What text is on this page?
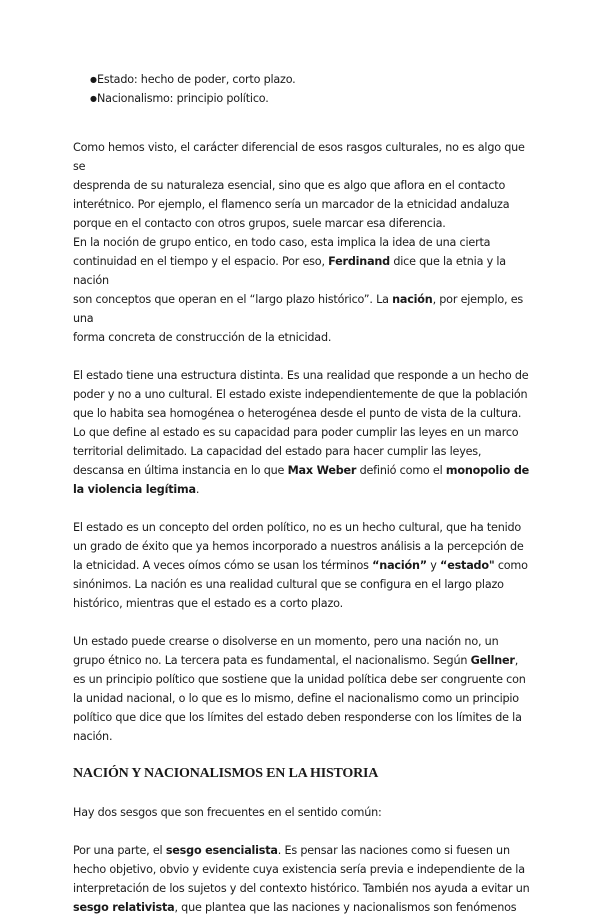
● Estado: hecho de poder, corto plazo.
● Nacionalismo: principio político.

Como hemos visto, el carácter diferencial de esos rasgos culturales, no es algo que se
desprenda de su naturaleza esencial, sino que es algo que aflora en el contacto
interétnico. Por ejemplo, el flamenco sería un marcador de la etnicidad andaluza
porque en el contacto con otros grupos, suele marcar esa diferencia.
En la noción de grupo entico, en todo caso, esta implica la idea de una cierta
continuidad en el tiempo y el espacio. Por eso, Ferdinand dice que la etnia y la nación
son conceptos que operan en el “largo plazo histórico”. La nación, por ejemplo, es una
forma concreta de construcción de la etnicidad.

El estado tiene una estructura distinta. Es una realidad que responde a un hecho de poder y no a uno cultural. El estado existe independientemente de que la población que lo habita sea homogénea o heterogénea desde el punto de vista de la cultura. Lo que define al estado es su capacidad para poder cumplir las leyes en un marco territorial delimitado. La capacidad del estado para hacer cumplir las leyes, descansa en última instancia en lo que Max Weber definió como el monopolio de la violencia legítima.

El estado es un concepto del orden político, no es un hecho cultural, que ha tenido un grado de éxito que ya hemos incorporado a nuestros análisis a la percepción de la etnicidad. A veces oímos cómo se usan los términos “nación” y “estado" como sinónimos. La nación es una realidad cultural que se configura en el largo plazo histórico, mientras que el estado es a corto plazo.

Un estado puede crearse o disolverse en un momento, pero una nación no, un grupo étnico no. La tercera pata es fundamental, el nacionalismo. Según Gellner, es un principio político que sostiene que la unidad política debe ser congruente con la unidad nacional, o lo que es lo mismo, define el nacionalismo como un principio político que dice que los límites del estado deben responderse con los límites de la nación.

NACIÓN Y NACIONALISMOS EN LA HISTORIA

Hay dos sesgos que son frecuentes en el sentido común:

Por una parte, el sesgo esencialista. Es pensar las naciones como si fuesen un hecho objetivo, obvio y evidente cuya existencia sería previa e independiente de la interpretación de los sujetos y del contexto histórico. También nos ayuda a evitar un sesgo relativista, que plantea que las naciones y nacionalismos son fenómenos
